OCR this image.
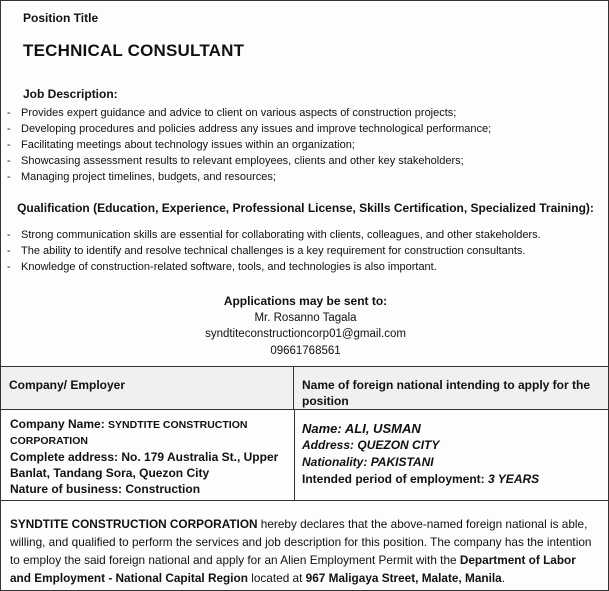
Position Title
TECHNICAL CONSULTANT
Job Description:
- Provides expert guidance and advice to client on various aspects of construction projects;
- Developing procedures and policies address any issues and improve technological performance;
- Facilitating meetings about technology issues within an organization;
- Showcasing assessment results to relevant employees, clients and other key stakeholders;
- Managing project timelines, budgets, and resources;
Qualification (Education, Experience, Professional License, Skills Certification, Specialized Training):
- Strong communication skills are essential for collaborating with clients, colleagues, and other stakeholders.
- The ability to identify and resolve technical challenges is a key requirement for construction consultants.
- Knowledge of construction-related software, tools, and technologies is also important.
Applications may be sent to:
Mr. Rosanno Tagala
syndtiteconstructioncorp01@gmail.com
09661768561
Company/ Employer	Name of foreign national intending to apply for the position
Company Name: SYNDTITE CONSTRUCTION
CORPORATION
Complete address: No. 179 Australia St., Upper Banlat, Tandang Sora, Quezon City
Nature of business: Construction
Name: ALI, USMAN
Address: QUEZON CITY
Nationality: PAKISTANI
Intended period of employment: 3 YEARS
SYNDTITE CONSTRUCTION CORPORATION hereby declares that the above-named foreign national is able, willing, and qualified to perform the services and job description for this position. The company has the intention to employ the said foreign national and apply for an Alien Employment Permit with the Department of Labor and Employment - National Capital Region located at 967 Maligaya Street, Malate, Manila.
